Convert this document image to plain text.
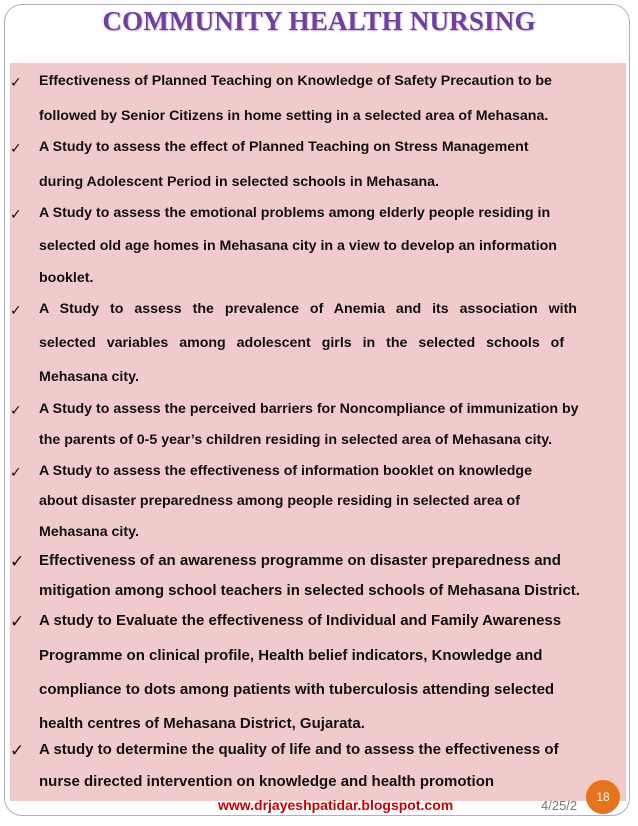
COMMUNITY HEALTH NURSING
✓ Effectiveness of Planned Teaching on Knowledge of Safety Precaution to be
followed by Senior Citizens in home setting in a selected area of Mehasana.
✓ A Study to assess the effect of Planned Teaching on Stress Management
during Adolescent Period in selected schools in Mehasana.
✓ A Study to assess the emotional problems among elderly people residing in
selected old age homes in Mehasana city in a view to develop an information
booklet.
✓ A Study to assess the prevalence of Anemia and its association with
selected variables among adolescent girls in the selected schools of
Mehasana city.
✓ A Study to assess the perceived barriers for Noncompliance of immunization by
the parents of 0-5 year’s children residing in selected area of Mehasana city.
✓ A Study to assess the effectiveness of information booklet on knowledge
about disaster preparedness among people residing in selected area of
Mehasana city.
✓ Effectiveness of an awareness programme on disaster preparedness and
mitigation among school teachers in selected schools of Mehasana District.
✓ A study to Evaluate the effectiveness of Individual and Family Awareness
Programme on clinical profile, Health belief indicators, Knowledge and
compliance to dots among patients with tuberculosis attending selected
health centres of Mehasana District, Gujarata.
✓ A study to determine the quality of life and to assess the effectiveness of
nurse directed intervention on knowledge and health promotion
www.drjayeshpatidar.blogspot.com	4/25/2
18
